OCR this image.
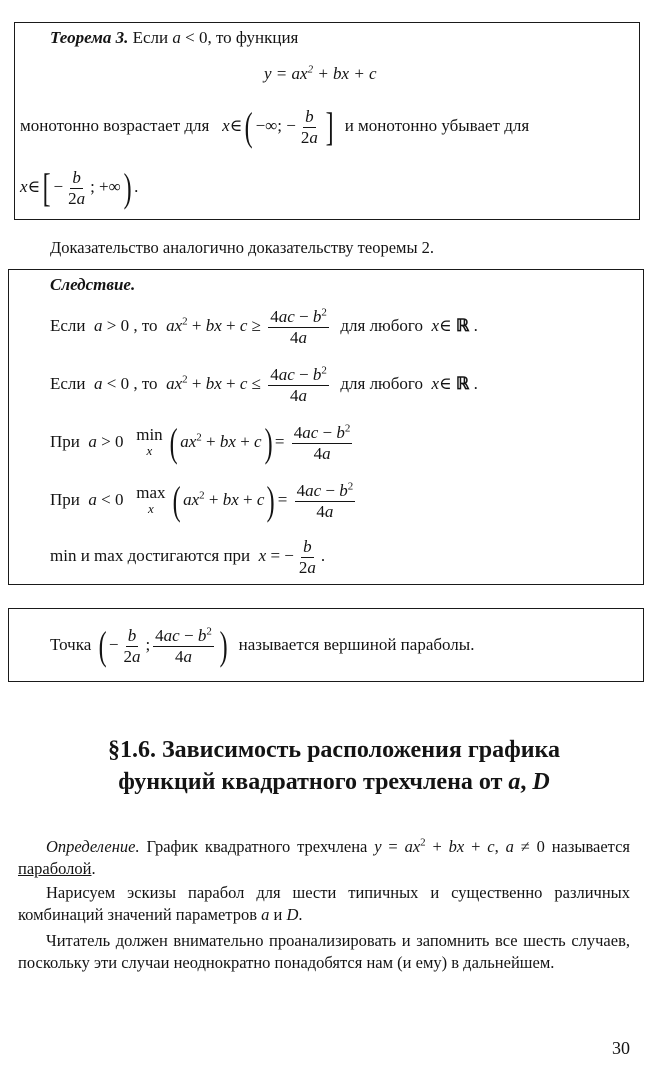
Теорема 3. Если a < 0, то функция
$y = ax^2$ + bx + c
монотонно возрастает для x∈( −∞; − $\frac{b}{2a}$ ] и монотонно убывает для
x∈[ − $\frac{b}{2a}$ ; +∞) .
Доказательство аналогично доказательству теоремы 2.
Следствие.
Если  a > 0 , то  $ax^2$ + bx + $c \ge \frac{4ac - b^2}{4a}$ для любого  x∈ ℝ .
Если  a < 0 , то  $ax^2$ + bx + $c \le \frac{4ac - b^2}{4a}$ для любого  x∈ ℝ .
При  a > 0 min
x ( $ax^2$ + bx + $c) = \frac{4ac - b^2}{4a}$
При  a < 0 max
x ( $ax^2$ + bx + $c) = \frac{4ac - b^2}{4a}$
min и max достигаются при  x = − $\frac{b}{2a}$ .
Точка ( − $\frac{b}{2a}$ ; $\frac{4ac - b^2}{4a}$ ) называется вершиной параболы.
§1.6. Зависимость расположения графика
функций квадратного трехчлена от a, D
Определение. График квадратного трехчлена $y = ax^2$ + bx + c, a ≠ 0 называется параболой.
Нарисуем эскизы парабол для шести типичных и существенно различных комбинаций значений параметров a и D.
Читатель должен внимательно проанализировать и запомнить все шесть случаев, поскольку эти случаи неоднократно понадобятся нам (и ему) в дальнейшем.
30
